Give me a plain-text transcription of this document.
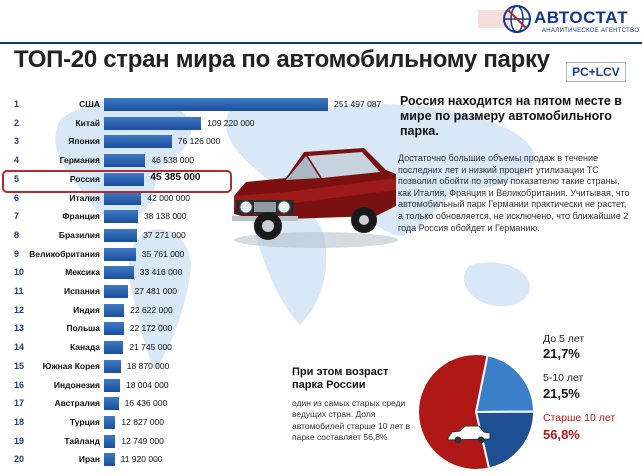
АВТОСТАТ
АНАЛИТИЧЕСКОЕ АГЕНТСТВО
ТОП-20 стран мира по автомобильному парку	PC+LCV
1	США	251 497 087
2	Китай	109 220 000
3	Япония	76 126 000
4	Германия	46 538 000
5	Россия	45 385 000
6	Италия	42 000 000
7	Франция	38 138 000
8	Бразилия	37 271 000
9	Великобритания	35 761 000
10	Мексика	33 416 000
11	Испания	27 481 000
12	Индия	22 622 000
13	Польша	22 172 000
14	Канада	21 745 000
15	Южная Корея	18 870 000
16	Индонезия	18 004 000
17	Австралия	16 436 000
18	Турция	12 827 000
19	Тайланд	12 749 000
20	Иран 11 920 000
Россия находится на пятом месте в мире по размеру автомобильного парка.
Достаточно большие объемы продаж в течение последних лет и низкий процент утилизации ТС позволил обойти по этому показателю такие страны, как Италия, Франция и Великобритания. Учитывая, что автомобильный парк Германии практически не растет, а только обновляется, не исключено, что ближайшие 2 года Россия обойдет и Германию.
При этом возраст парка России
один из самых старых среди ведущих стран. Доля автомобилей старше 10 лет в парке составляет 56,8%
До 5 лет
21,7%
5-10 лет
21,5%
Старше 10 лет
56,8%
